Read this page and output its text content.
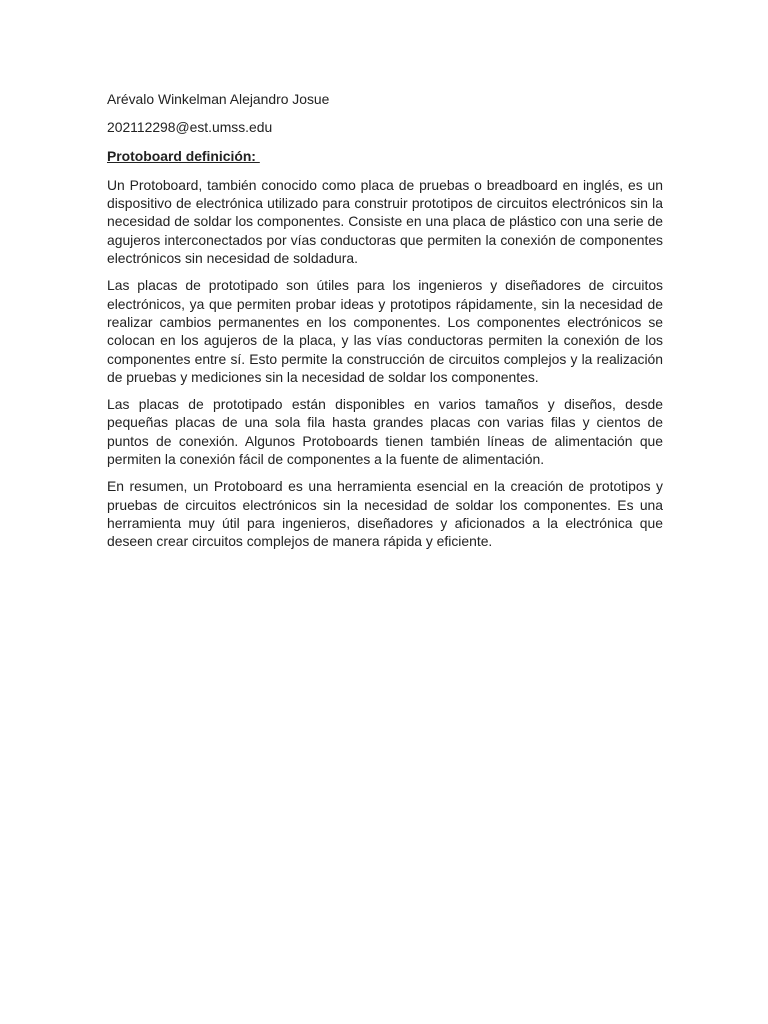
Arévalo Winkelman Alejandro Josue

202112298@est.umss.edu

Protoboard definición:

Un Protoboard, también conocido como placa de pruebas o breadboard en inglés, es un dispositivo de electrónica utilizado para construir prototipos de circuitos electrónicos sin la necesidad de soldar los componentes. Consiste en una placa de plástico con una serie de agujeros interconectados por vías conductoras que permiten la conexión de componentes electrónicos sin necesidad de soldadura.

Las placas de prototipado son útiles para los ingenieros y diseñadores de circuitos electrónicos, ya que permiten probar ideas y prototipos rápidamente, sin la necesidad de realizar cambios permanentes en los componentes. Los componentes electrónicos se colocan en los agujeros de la placa, y las vías conductoras permiten la conexión de los componentes entre sí. Esto permite la construcción de circuitos complejos y la realización de pruebas y mediciones sin la necesidad de soldar los componentes.

Las placas de prototipado están disponibles en varios tamaños y diseños, desde pequeñas placas de una sola fila hasta grandes placas con varias filas y cientos de puntos de conexión. Algunos Protoboards tienen también líneas de alimentación que permiten la conexión fácil de componentes a la fuente de alimentación.

En resumen, un Protoboard es una herramienta esencial en la creación de prototipos y pruebas de circuitos electrónicos sin la necesidad de soldar los componentes. Es una herramienta muy útil para ingenieros, diseñadores y aficionados a la electrónica que deseen crear circuitos complejos de manera rápida y eficiente.
